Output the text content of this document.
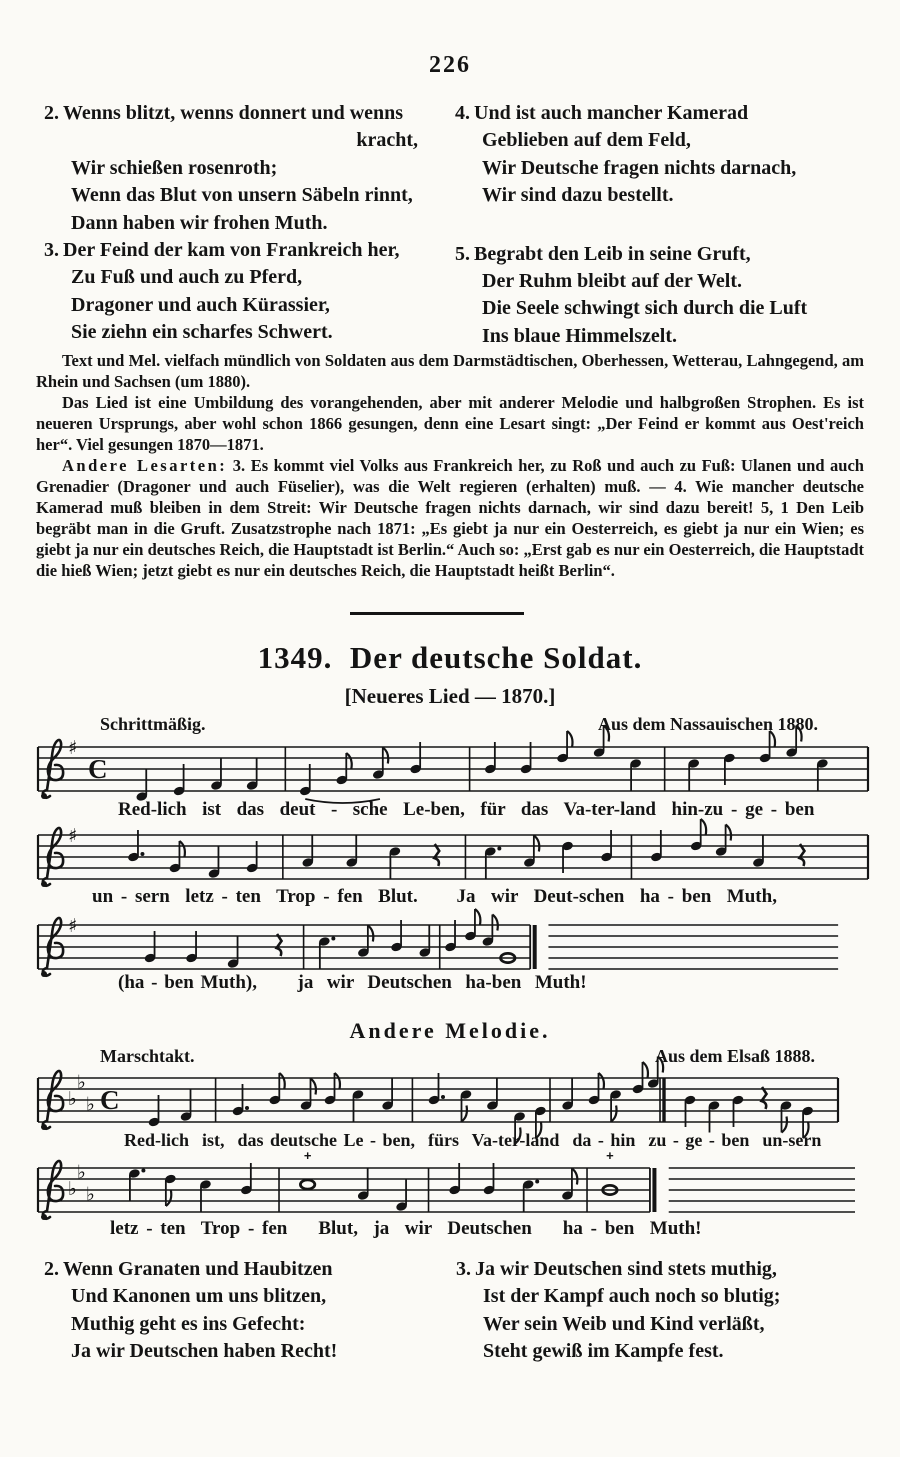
226
2. Wenns blitzt, wenns donnert und wenns
kracht,
Wir schießen rosenroth;
Wenn das Blut von unsern Säbeln rinnt,
Dann haben wir frohen Muth.
3. Der Feind der kam von Frankreich her,
Zu Fuß und auch zu Pferd,
Dragoner und auch Kürassier,
Sie ziehn ein scharfes Schwert.
4. Und ist auch mancher Kamerad
Geblieben auf dem Feld,
Wir Deutsche fragen nichts darnach,
Wir sind dazu bestellt.
5. Begrabt den Leib in seine Gruft,
Der Ruhm bleibt auf der Welt.
Die Seele schwingt sich durch die Luft
Ins blaue Himmelszelt.

Text und Mel. vielfach mündlich von Soldaten aus dem Darmstädtischen, Oberhessen, Wetterau, Lahngegend, am Rhein und Sachsen (um 1880).

Das Lied ist eine Umbildung des vorangehenden, aber mit anderer Melodie und halbgroßen Strophen. Es ist neueren Ursprungs, aber wohl schon 1866 gesungen, denn eine Lesart singt: „Der Feind er kommt aus Oest'reich her“. Viel gesungen 1870—1871.

Andere Lesarten: 3. Es kommt viel Volks aus Frankreich her, zu Roß und auch zu Fuß: Ulanen und auch Grenadier (Dragoner und auch Füselier), was die Welt regieren (erhalten) muß. — 4. Wie mancher deutsche Kamerad muß bleiben in dem Streit: Wir Deutsche fragen nichts darnach, wir sind dazu bereit! 5, 1 Den Leib begräbt man in die Gruft. Zusatzstrophe nach 1871: „Es giebt ja nur ein Oesterreich, es giebt ja nur ein Wien; es giebt ja nur ein deutsches Reich, die Hauptstadt ist Berlin.“ Auch so: „Erst gab es nur ein Oesterreich, die Hauptstadt die hieß Wien; jetzt giebt es nur ein deutsches Reich, die Hauptstadt heißt Berlin“.

1349.  Der deutsche Soldat.
[Neueres Lied — 1870.]
Schrittmäßig.	Aus dem Nassauischen 1880.
♯
C
♯
♯
♭
♭
♭ C
♭
♭
♭
+	+
Red-lich  ist  das  deut  -  sche  Le-ben,  für  das  Va-ter-land  hin-zu - ge - ben
un - sern  letz - ten  Trop - fen  Blut.     Ja  wir  Deut-schen  ha - ben  Muth,
(ha - ben Muth),      ja  wir  Deutschen  ha-ben  Muth!
Andere Melodie.
Marschtakt.	Aus dem Elsaß 1888.
Red-lich  ist,  das deutsche Le - ben,  fürs  Va-ter-land  da - hin  zu - ge - ben  un-sern
letz - ten  Trop - fen    Blut,  ja  wir  Deutschen    ha - ben  Muth!
2. Wenn Granaten und Haubitzen
Und Kanonen um uns blitzen,
Muthig geht es ins Gefecht:
Ja wir Deutschen haben Recht!
3. Ja wir Deutschen sind stets muthig,
Ist der Kampf auch noch so blutig;
Wer sein Weib und Kind verläßt,
Steht gewiß im Kampfe fest.
